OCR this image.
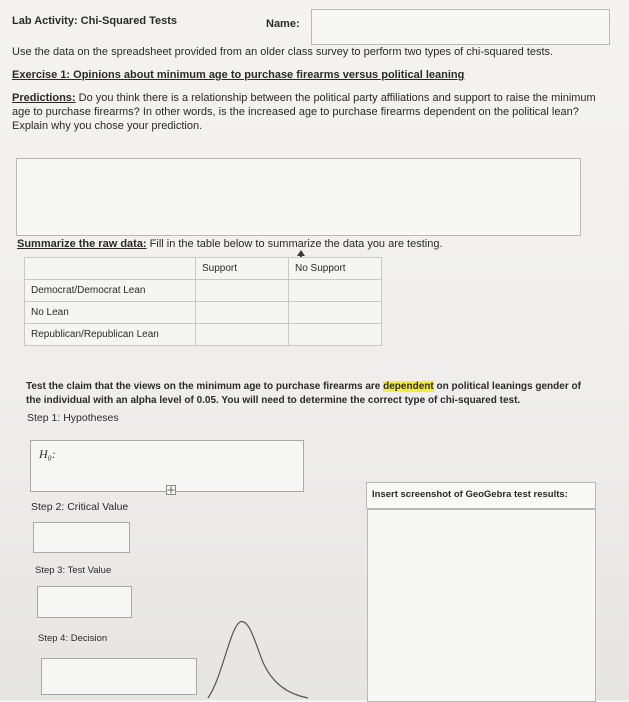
Lab Activity: Chi-Squared Tests	Name:
Use the data on the spreadsheet provided from an older class survey to perform two types of chi-squared tests.
Exercise 1: Opinions about minimum age to purchase firearms versus political leaning
Predictions: Do you think there is a relationship between the political party affiliations and support to raise the minimum
age to purchase firearms? In other words, is the increased age to purchase firearms dependent on the political lean?
Explain why you chose your prediction.
Summarize the raw data: Fill in the table below to summarize the data you are testing.
	Support	No Support
Democrat/Democrat Lean		
No Lean		
Republican/Republican Lean		
Test the claim that the views on the minimum age to purchase firearms are dependent on political leanings gender of
the individual with an alpha level of 0.05. You will need to determine the correct type of chi-squared test.
Step 1: Hypotheses
H₀:
Step 2: Critical Value
Step 3: Test Value
Step 4: Decision
Insert screenshot of GeoGebra test results:
